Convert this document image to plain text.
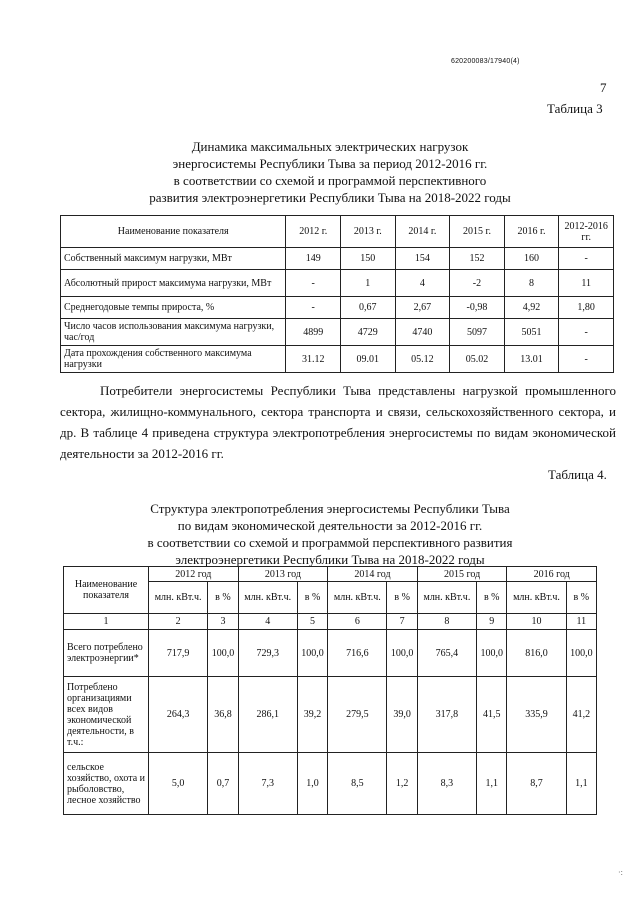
620200083/17940(4)
7
Таблица 3
Динамика максимальных электрических нагрузок
энергосистемы Республики Тыва за период 2012-2016 гг.
в соответствии со схемой и программой перспективного
развития электроэнергетики Республики Тыва на 2018-2022 годы
Наименование показателя	2012 г.	2013 г.	2014 г.	2015 г.	2016 г.	2012-2016 гг.
Собственный максимум нагрузки, МВт	149	150	154	152	160	-
Абсолютный прирост максимума нагрузки, МВт	-	1	4	-2	8	11
Среднегодовые темпы прироста, %	-	0,67	2,67	-0,98	4,92	1,80
Число часов использования максимума нагрузки, час/год	4899	4729	4740	5097	5051	-
Дата прохождения собственного максимума нагрузки	31.12	09.01	05.12	05.02	13.01	-

Потребители энергосистемы Республики Тыва представлены нагрузкой промышленного сектора, жилищно-коммунального, сектора транспорта и связи, сельскохозяйственного сектора, и др. В таблице 4 приведена структура электропотребления энергосистемы по видам экономической деятельности за 2012-2016 гг.

Таблица 4.
Структура электропотребления энергосистемы Республики Тыва
по видам экономической деятельности за 2012-2016 гг.
в соответствии со схемой и программой перспективного развития
электроэнергетики Республики Тыва на 2018-2022 годы
Наименование показателя	2012 год		2013 год		2014 год		2015 год		2016 год	
	млн. кВт.ч.	в %	млн. кВт.ч.	в %	млн. кВт.ч.	в %	млн. кВт.ч.	в %	млн. кВт.ч.	в %
1	2	3	4	5	6	7	8	9	10	11
Всего потреблено электроэнергии*	717,9	100,0	729,3	100,0	716,6	100,0	765,4	100,0	816,0	100,0
Потреблено организациями всех видов экономической деятельности, в т.ч.:	264,3	36,8	286,1	39,2	279,5	39,0	317,8	41,5	335,9	41,2
сельское хозяйство, охота и рыболовство, лесное хозяйство	5,0	0,7	7,3	1,0	8,5	1,2	8,3	1,1	8,7	1,1
·:
